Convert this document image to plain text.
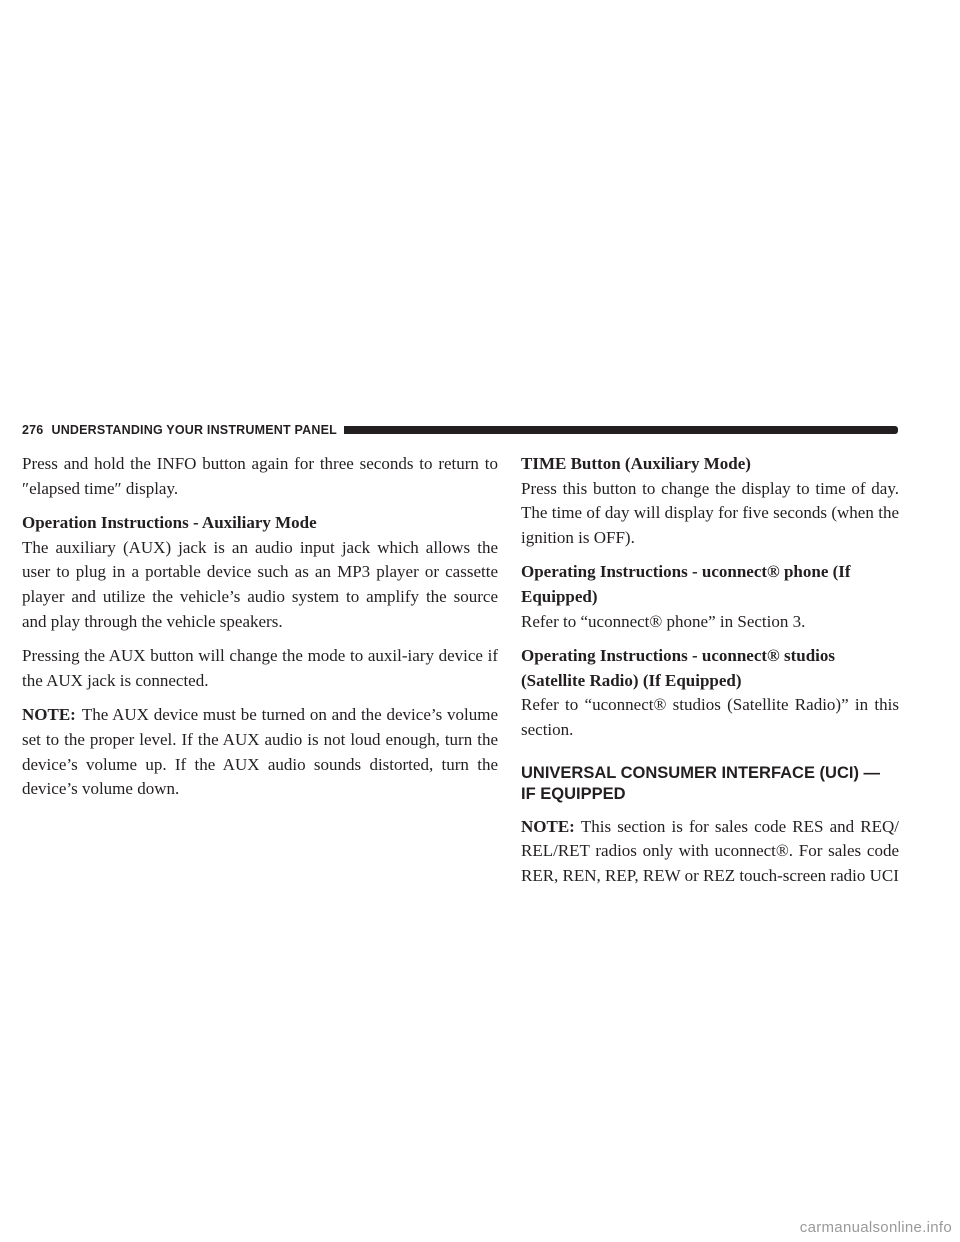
276 UNDERSTANDING YOUR INSTRUMENT PANEL

Press and hold the INFO button again for three seconds to return to ″elapsed time″ display.

Operation Instructions - Auxiliary Mode

The auxiliary (AUX) jack is an audio input jack which allows the user to plug in a portable device such as an MP3 player or cassette player and utilize the vehicle’s audio system to amplify the source and play through the vehicle speakers.

Pressing the AUX button will change the mode to auxil-iary device if the AUX jack is connected.

NOTE: The AUX device must be turned on and the device’s volume set to the proper level. If the AUX audio is not loud enough, turn the device’s volume up. If the AUX audio sounds distorted, turn the device’s volume down.

TIME Button (Auxiliary Mode)

Press this button to change the display to time of day. The time of day will display for five seconds (when the ignition is OFF).

Operating Instructions - uconnect® phone (If Equipped)

Refer to “uconnect® phone” in Section 3.

Operating Instructions - uconnect® studios (Satellite Radio) (If Equipped)

Refer to “uconnect® studios (Satellite Radio)” in this section.

UNIVERSAL CONSUMER INTERFACE (UCI) — IF EQUIPPED

NOTE: This section is for sales code RES and REQ/ REL/RET radios only with uconnect®. For sales code RER, REN, REP, REW or REZ touch-screen radio UCI

carmanualsonline.info
